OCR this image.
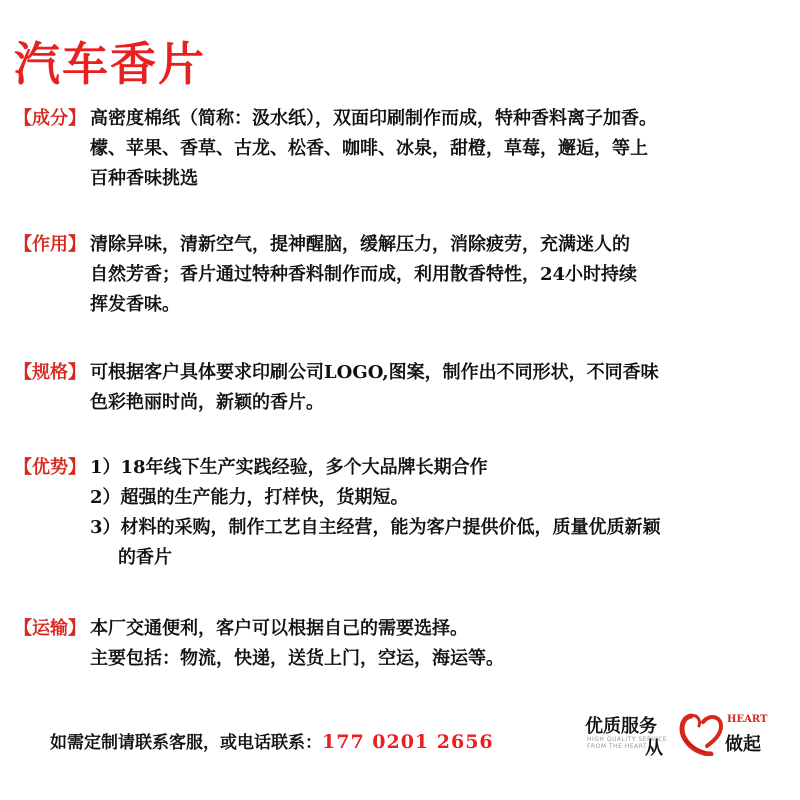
汽车香片
【成分】 高密度棉纸（简称：汲水纸），双面印刷制作而成，特种香料离子加香。
檬、苹果、香草、古龙、松香、咖啡、冰泉，甜橙，草莓，邂逅，等上
百种香味挑选
【作用】 清除异味，清新空气，提神醒脑，缓解压力，消除疲劳，充满迷人的
自然芳香；香片通过特种香料制作而成，利用散香特性，24小时持续
挥发香味。
【规格】 可根据客户具体要求印刷公司LOGO,图案，制作出不同形状，不同香味
色彩艳丽时尚，新颖的香片。
【优势】 1）18年线下生产实践经验，多个大品牌长期合作
2）超强的生产能力，打样快，货期短。
3）材料的采购，制作工艺自主经营，能为客户提供价低，质量优质新颖
的香片
【运输】 本厂交通便利，客户可以根据自己的需要选择。
主要包括：物流，快递，送货上门，空运，海运等。
如需定制请联系客服，或电话联系：177 0201 2656
优质服务
HIGH QUALITY SERVICE
FROM THE HEART
从
HEART
做起
